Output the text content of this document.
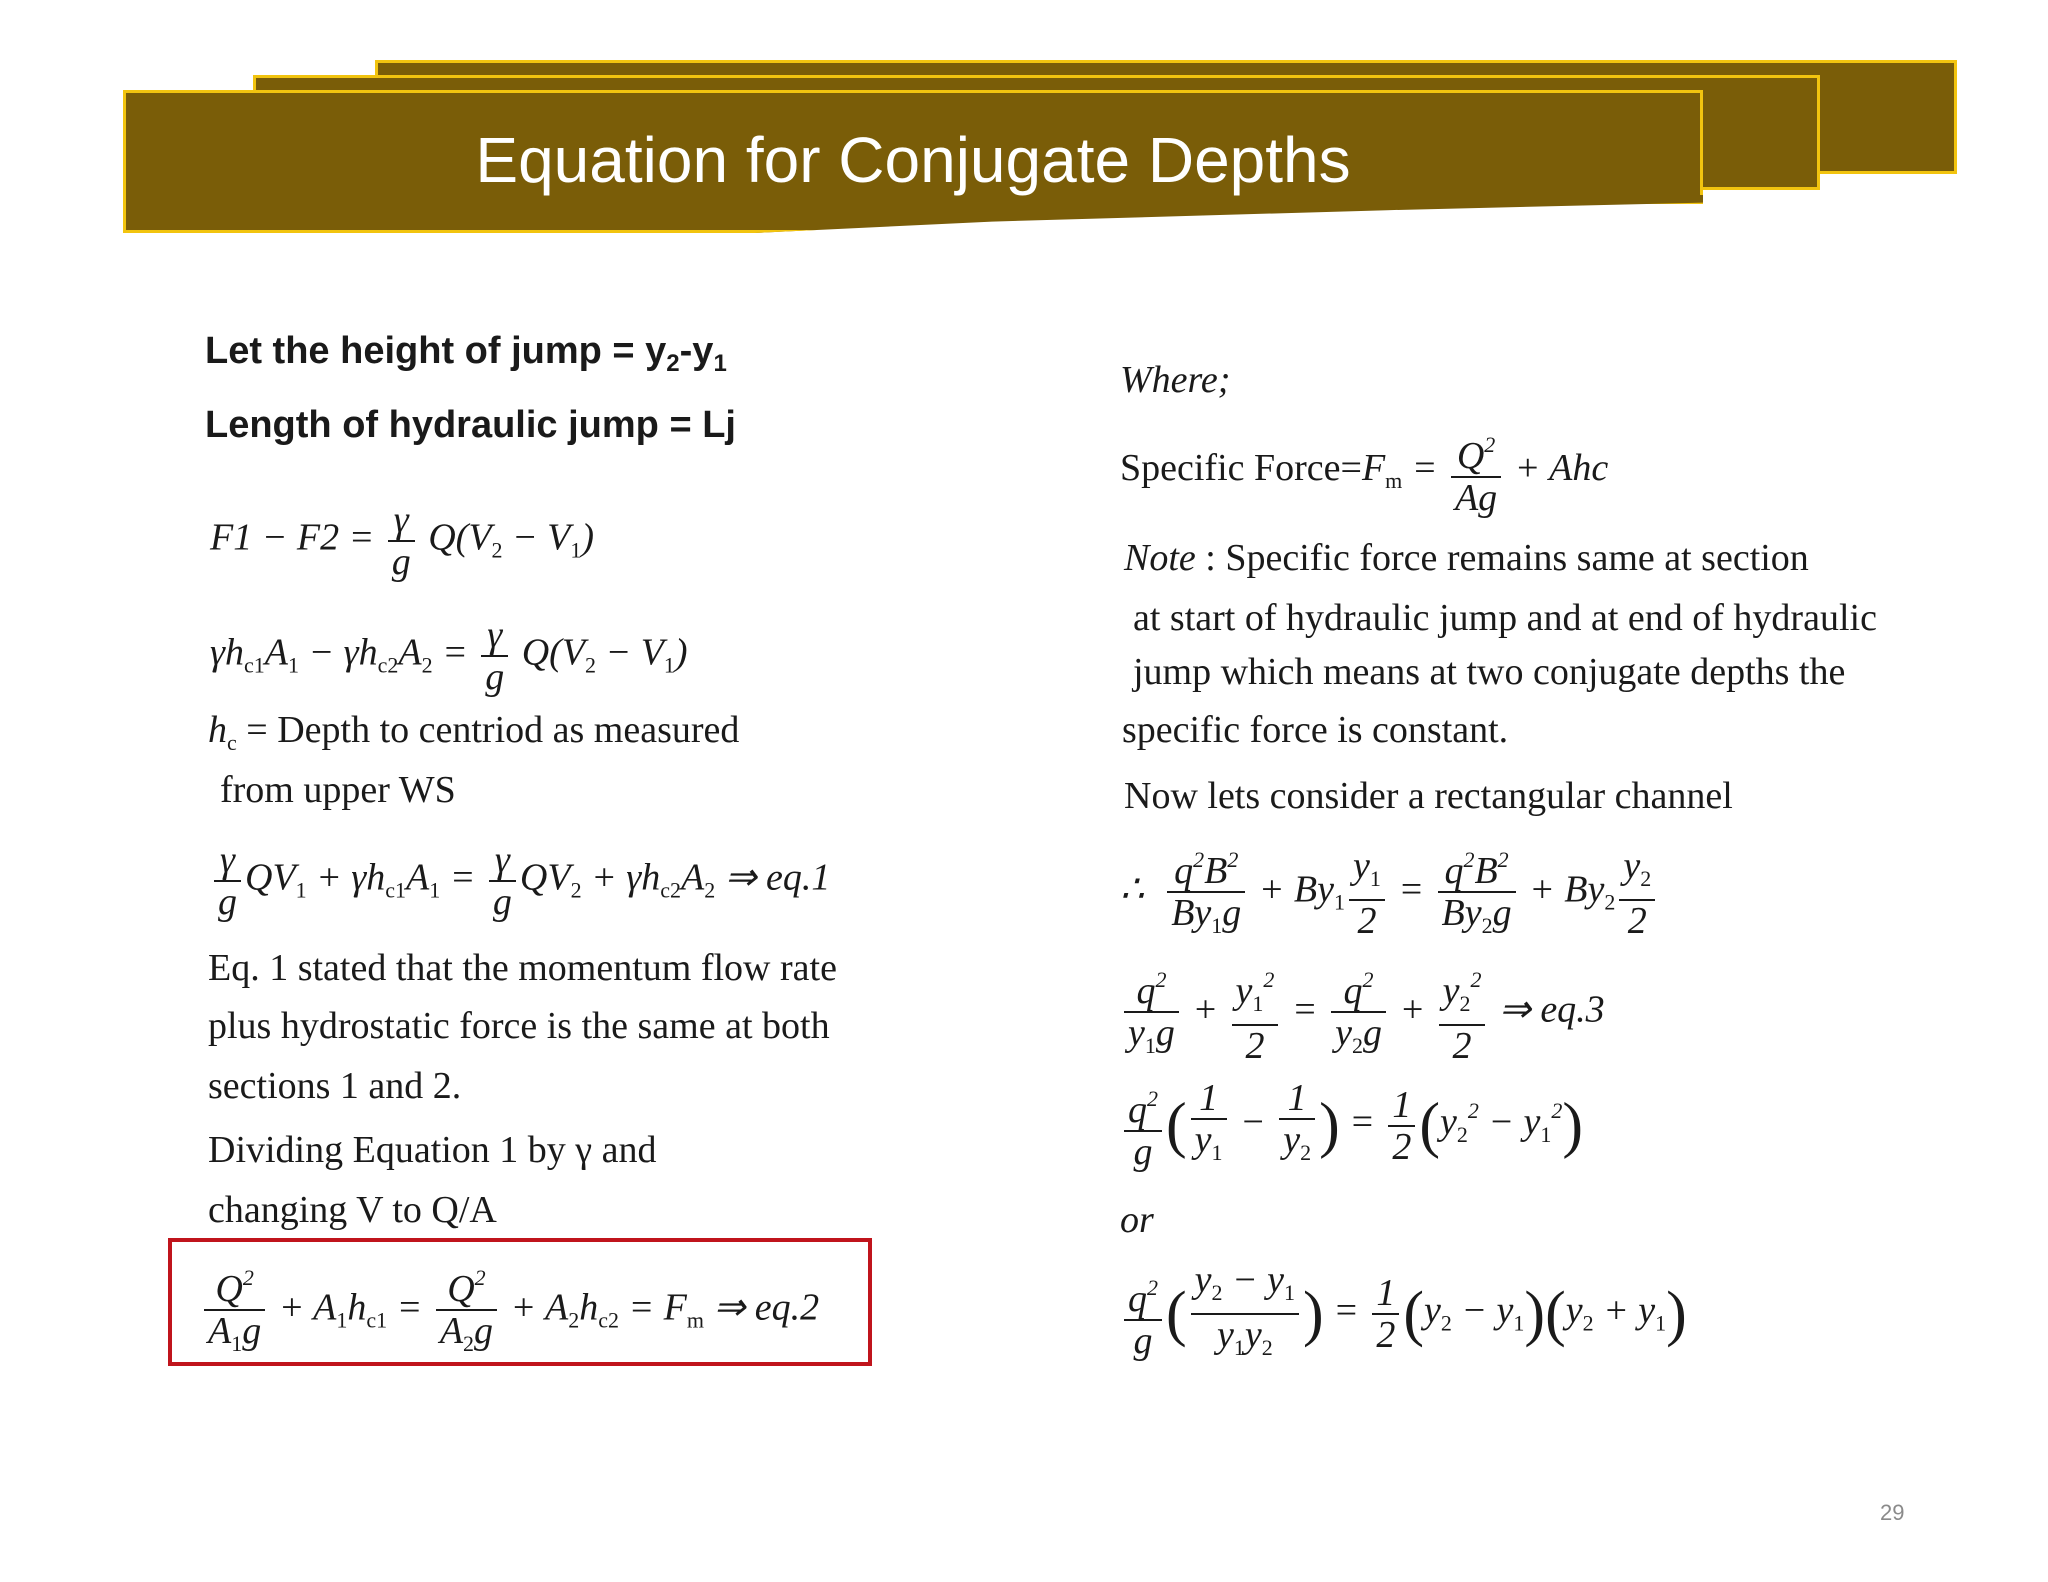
Equation for Conjugate Depths
Let the height of jump = $y_2-y_1$
Length of hydraulic jump = Lj
$F1 - F2 = \frac{\gamma}{g} Q(V_2 - V_1)$
$\gamma h_{c1}A_1 - \gamma h_{c2}A_2 = \frac{\gamma}{g} Q(V_2 - V_1)$
$h_c$ = Depth to centriod as measured
from upper WS
$\frac{\gamma}{g} QV_1 + \gamma h_{c1}A_1 = \frac{\gamma}{g} QV_2 + \gamma h_{c2}A_2$ ⇒ eq.1
Eq. 1 stated that the momentum flow rate
plus hydrostatic force is the same at both
sections 1 and 2.
Dividing Equation 1 by γ and
changing V to Q/A
$\frac{Q^2}{A_1g} + A_1h_{c1} = \frac{Q^2}{A_2g} + A_2h_{c2} = F_m$ ⇒ eq.2
Where;
Specific $Force=F_m = \frac{Q^2}{Ag}$ + Ahc
Note : Specific force remains same at section
at start of hydraulic jump and at end of hydraulic
jump which means at two conjugate depths the
specific force is constant.
Now lets consider a rectangular channel
∴ $\frac{q^2B^2}{By_1g} + By_1 \frac{y_1}{2} = \frac{q^2B^2}{By_2g} + By_2 \frac{y_2}{2}$
$\frac{q^2}{y_1g} + \frac{y_1^2}{2} = \frac{q^2}{y_2g} + \frac{y_2^2}{2}$ ⇒ eq.3
$\frac{q^2}{g}$ ( $\frac{1}{y_1} - \frac{1}{y_2}$ ) = $\frac{1}{2} (y_2^2 - y_1^2)$
or
$\frac{q^2}{g}$ ( $\frac{y_2 - y_1}{y_1y_2}$ ) = $\frac{1}{2} (y_2 - y_1)(y_2 + y_1)$
29
